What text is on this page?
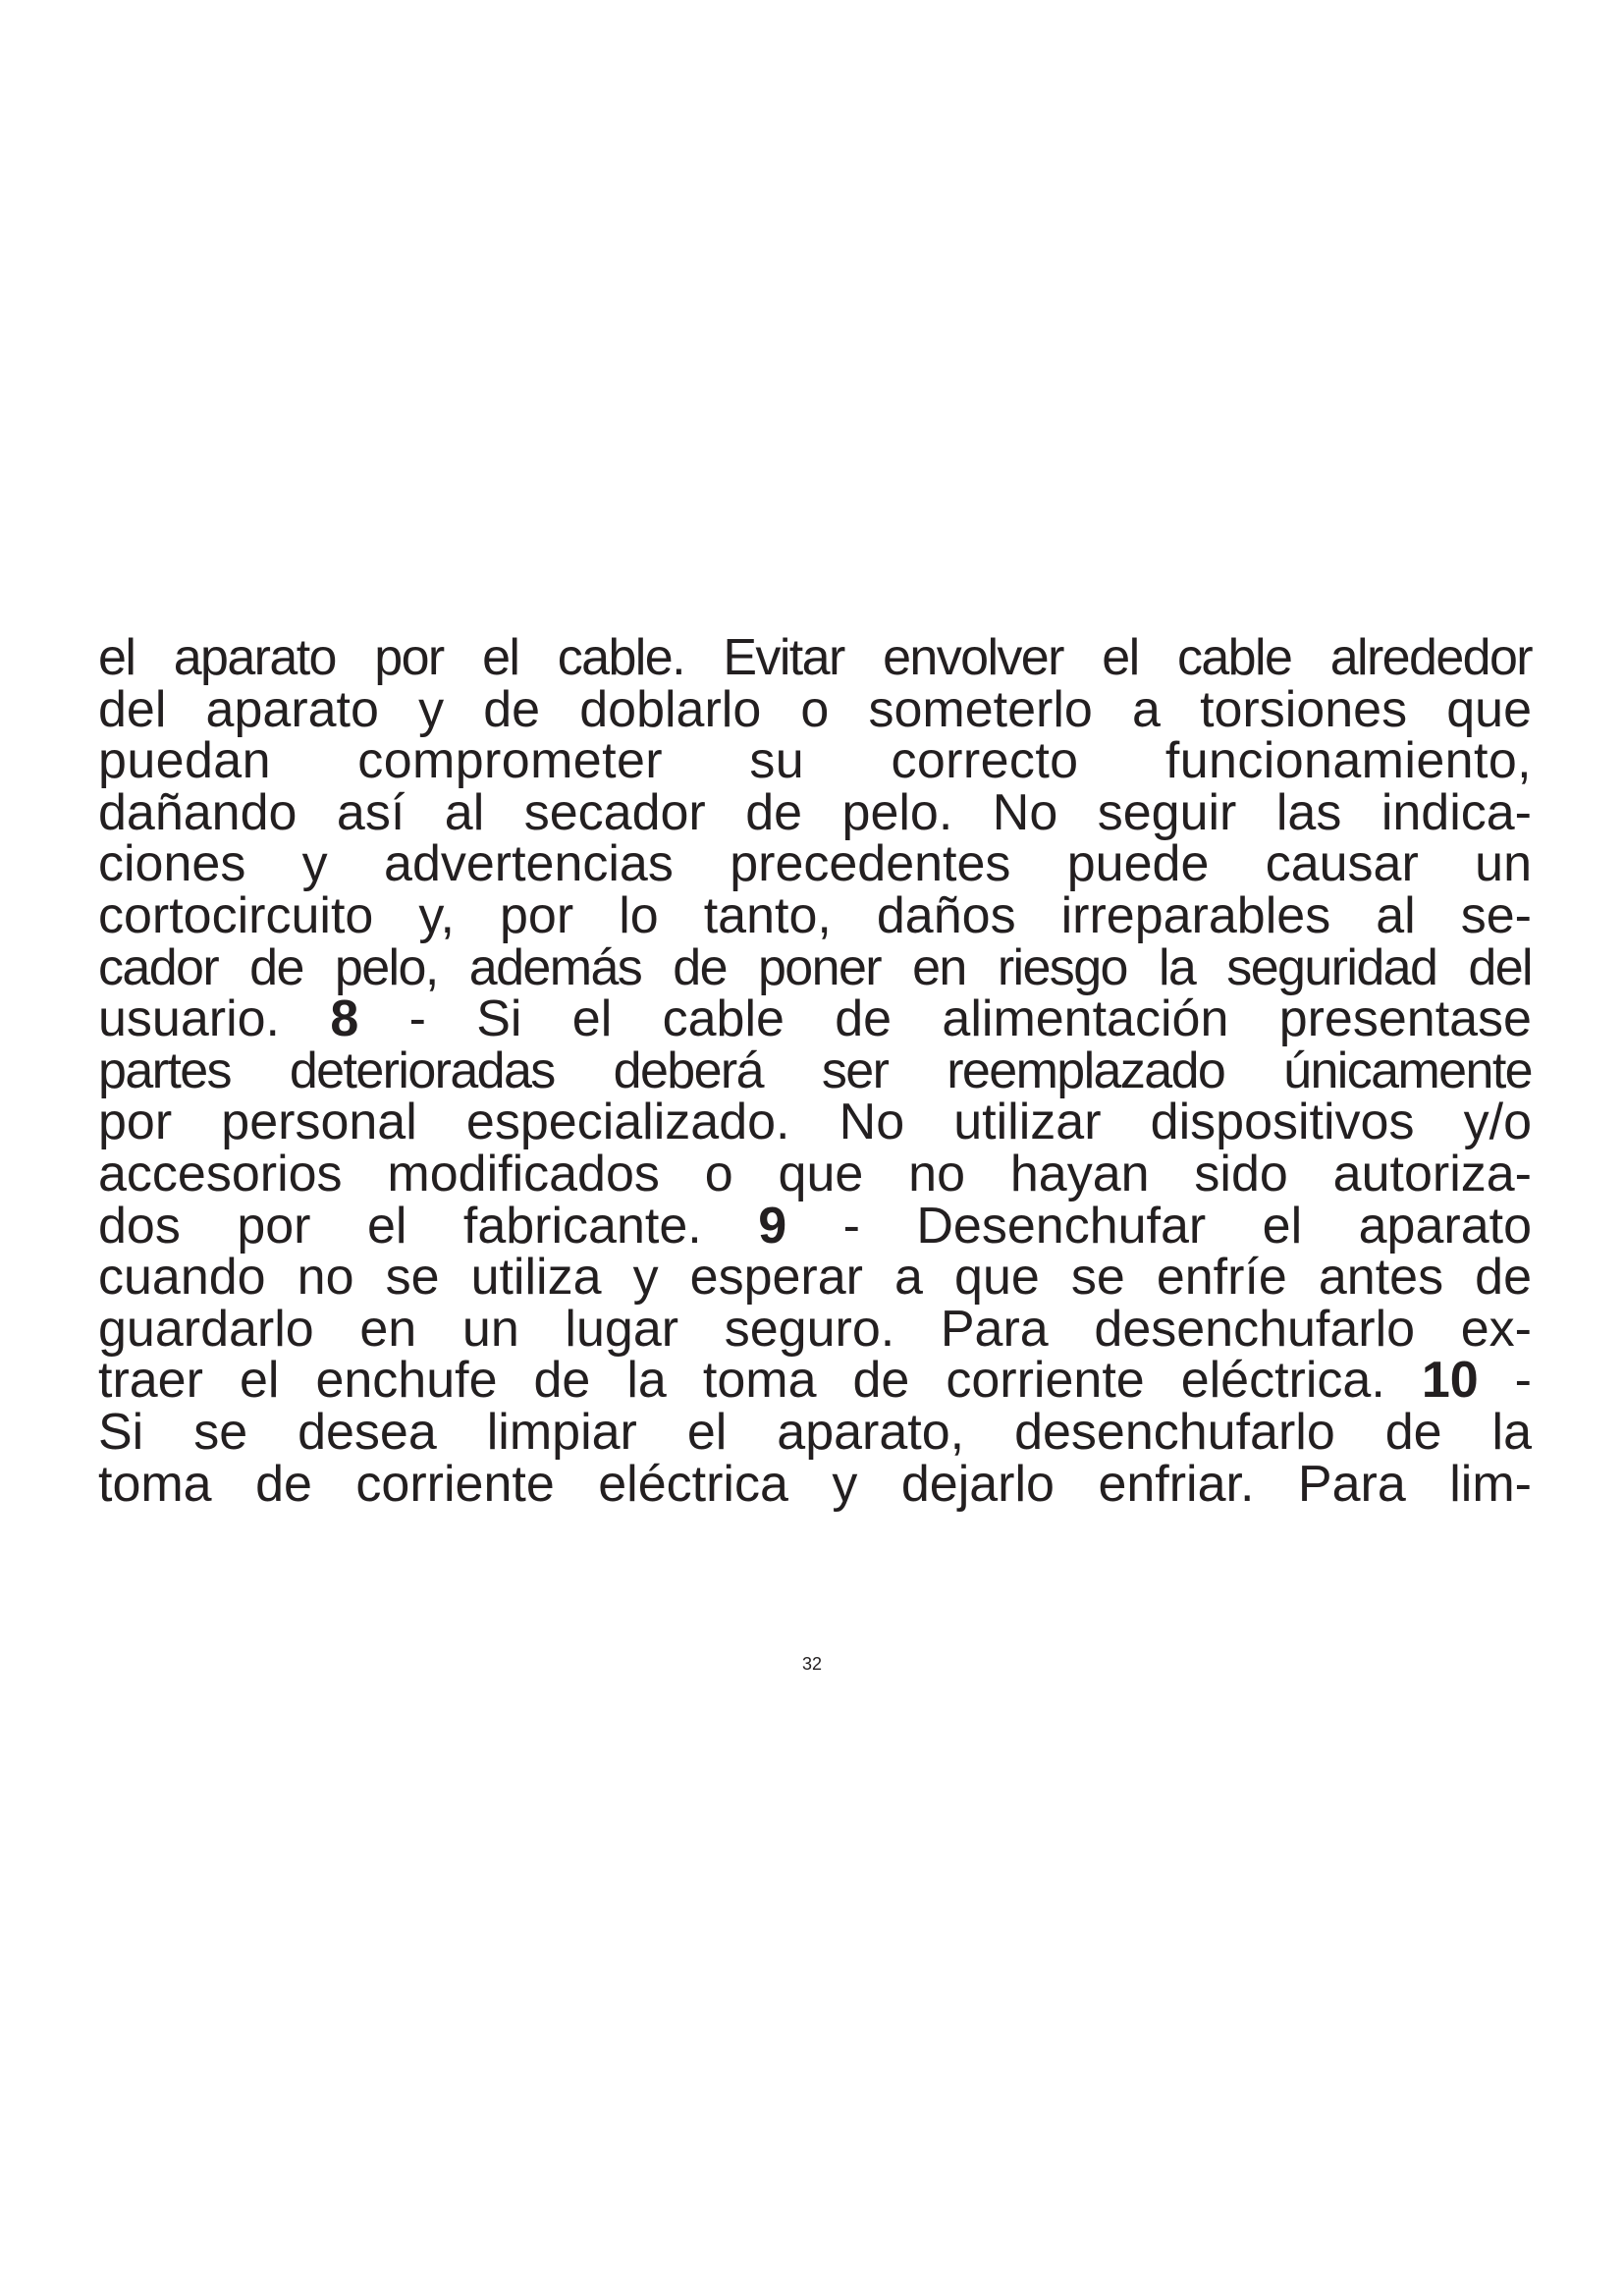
el aparato por el cable. Evitar envolver el cable alrededor
del aparato y de doblarlo o someterlo a torsiones que
puedan comprometer su correcto funcionamiento,
dañando así al secador de pelo. No seguir las indica-
ciones y advertencias precedentes puede causar un
cortocircuito y, por lo tanto, daños irreparables al se-
cador de pelo, además de poner en riesgo la seguridad del
usuario. 8 - Si el cable de alimentación presentase
partes deterioradas deberá ser reemplazado únicamente
por personal especializado. No utilizar dispositivos y/o
accesorios modificados o que no hayan sido autoriza-
dos por el fabricante. 9 - Desenchufar el aparato
cuando no se utiliza y esperar a que se enfríe antes de
guardarlo en un lugar seguro. Para desenchufarlo ex-
traer el enchufe de la toma de corriente eléctrica. 10 -
Si se desea limpiar el aparato, desenchufarlo de la
toma de corriente eléctrica y dejarlo enfriar. Para lim-
32
